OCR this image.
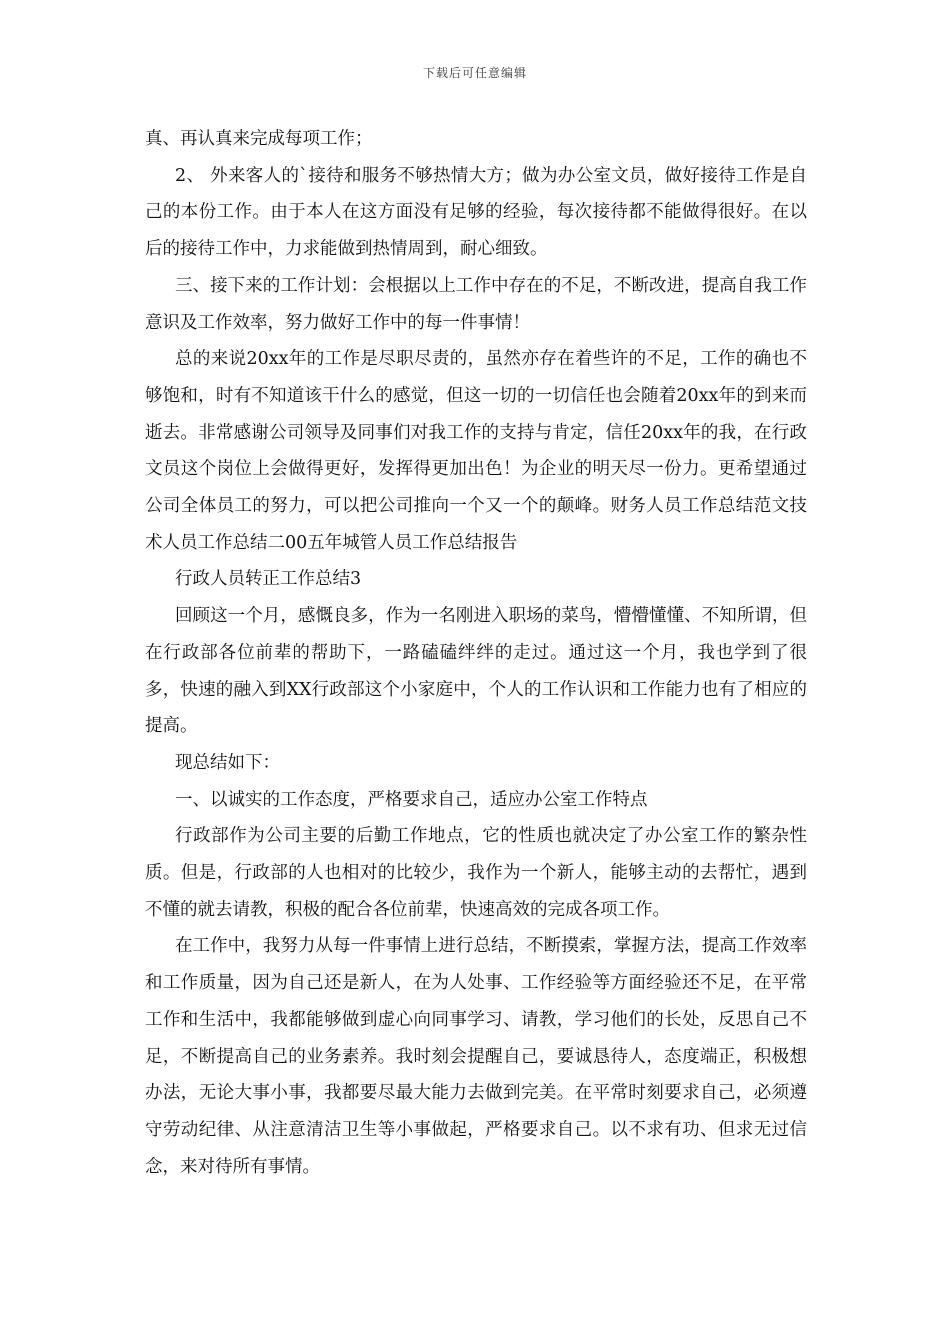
下载后可任意编辑

真、再认真来完成每项工作；

2、 外来客人的`接待和服务不够热情大方；做为办公室文员，做好接待工作是自己的本份工作。由于本人在这方面没有足够的经验，每次接待都不能做得很好。在以后的接待工作中，力求能做到热情周到，耐心细致。

三、接下来的工作计划：会根据以上工作中存在的不足，不断改进，提高自我工作意识及工作效率，努力做好工作中的每一件事情！

总的来说20xx年的工作是尽职尽责的，虽然亦存在着些许的不足，工作的确也不够饱和，时有不知道该干什么的感觉，但这一切的一切信任也会随着20xx年的到来而逝去。非常感谢公司领导及同事们对我工作的支持与肯定，信任20xx年的我，在行政文员这个岗位上会做得更好，发挥得更加出色！为企业的明天尽一份力。更希望通过公司全体员工的努力，可以把公司推向一个又一个的颠峰。财务人员工作总结范文技术人员工作总结二00五年城管人员工作总结报告

行政人员转正工作总结3

回顾这一个月，感慨良多，作为一名刚进入职场的菜鸟，懵懵懂懂、不知所谓，但在行政部各位前辈的帮助下，一路磕磕绊绊的走过。通过这一个月，我也学到了很多，快速的融入到XX行政部这个小家庭中，个人的工作认识和工作能力也有了相应的提高。

现总结如下：

一、以诚实的工作态度，严格要求自己，适应办公室工作特点

行政部作为公司主要的后勤工作地点，它的性质也就决定了办公室工作的繁杂性质。但是，行政部的人也相对的比较少，我作为一个新人，能够主动的去帮忙，遇到不懂的就去请教，积极的配合各位前辈，快速高效的完成各项工作。

在工作中，我努力从每一件事情上进行总结，不断摸索，掌握方法，提高工作效率和工作质量，因为自己还是新人，在为人处事、工作经验等方面经验还不足，在平常工作和生活中，我都能够做到虚心向同事学习、请教，学习他们的长处，反思自己不足，不断提高自己的业务素养。我时刻会提醒自己，要诚恳待人，态度端正，积极想办法，无论大事小事，我都要尽最大能力去做到完美。在平常时刻要求自己，必须遵守劳动纪律、从注意清洁卫生等小事做起，严格要求自己。以不求有功、但求无过信念，来对待所有事情。
